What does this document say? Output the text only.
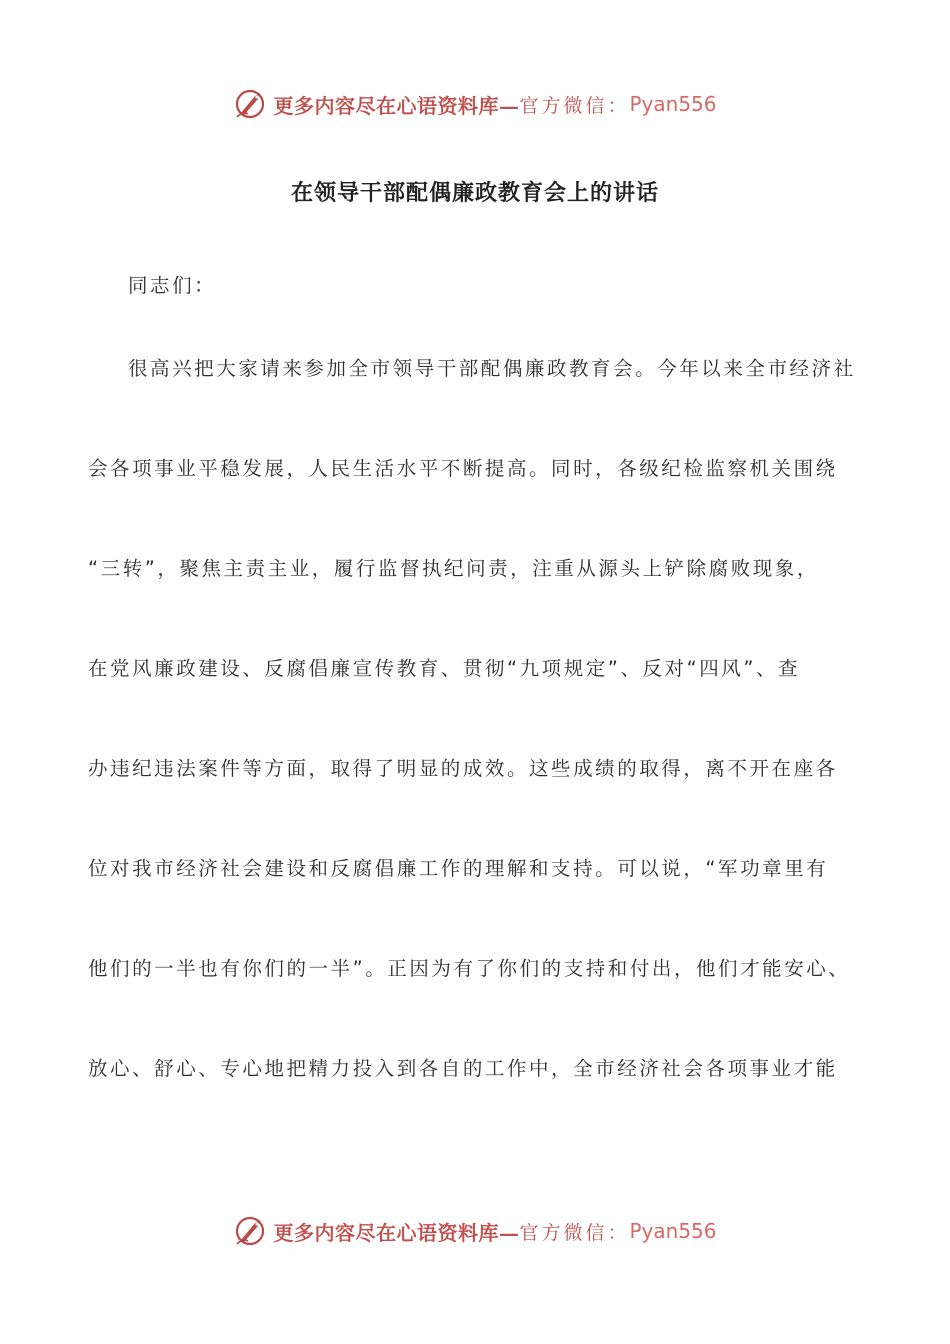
更多内容尽在心语资料库— 官方微信： Pyan556
在领导干部配偶廉政教育会上的讲话
同志们：
很高兴把大家请来参加全市领导干部配偶廉政教育会。今年以来全市经济社
会各项事业平稳发展，人民生活水平不断提高。同时，各级纪检监察机关围绕
“三转”，聚焦主责主业，履行监督执纪问责，注重从源头上铲除腐败现象，
在党风廉政建设、反腐倡廉宣传教育、贯彻“九项规定”、反对“四风”、查
办违纪违法案件等方面，取得了明显的成效。这些成绩的取得，离不开在座各
位对我市经济社会建设和反腐倡廉工作的理解和支持。可以说，“军功章里有
他们的一半也有你们的一半”。正因为有了你们的支持和付出，他们才能安心、
放心、舒心、专心地把精力投入到各自的工作中，全市经济社会各项事业才能
更多内容尽在心语资料库— 官方微信： Pyan556
